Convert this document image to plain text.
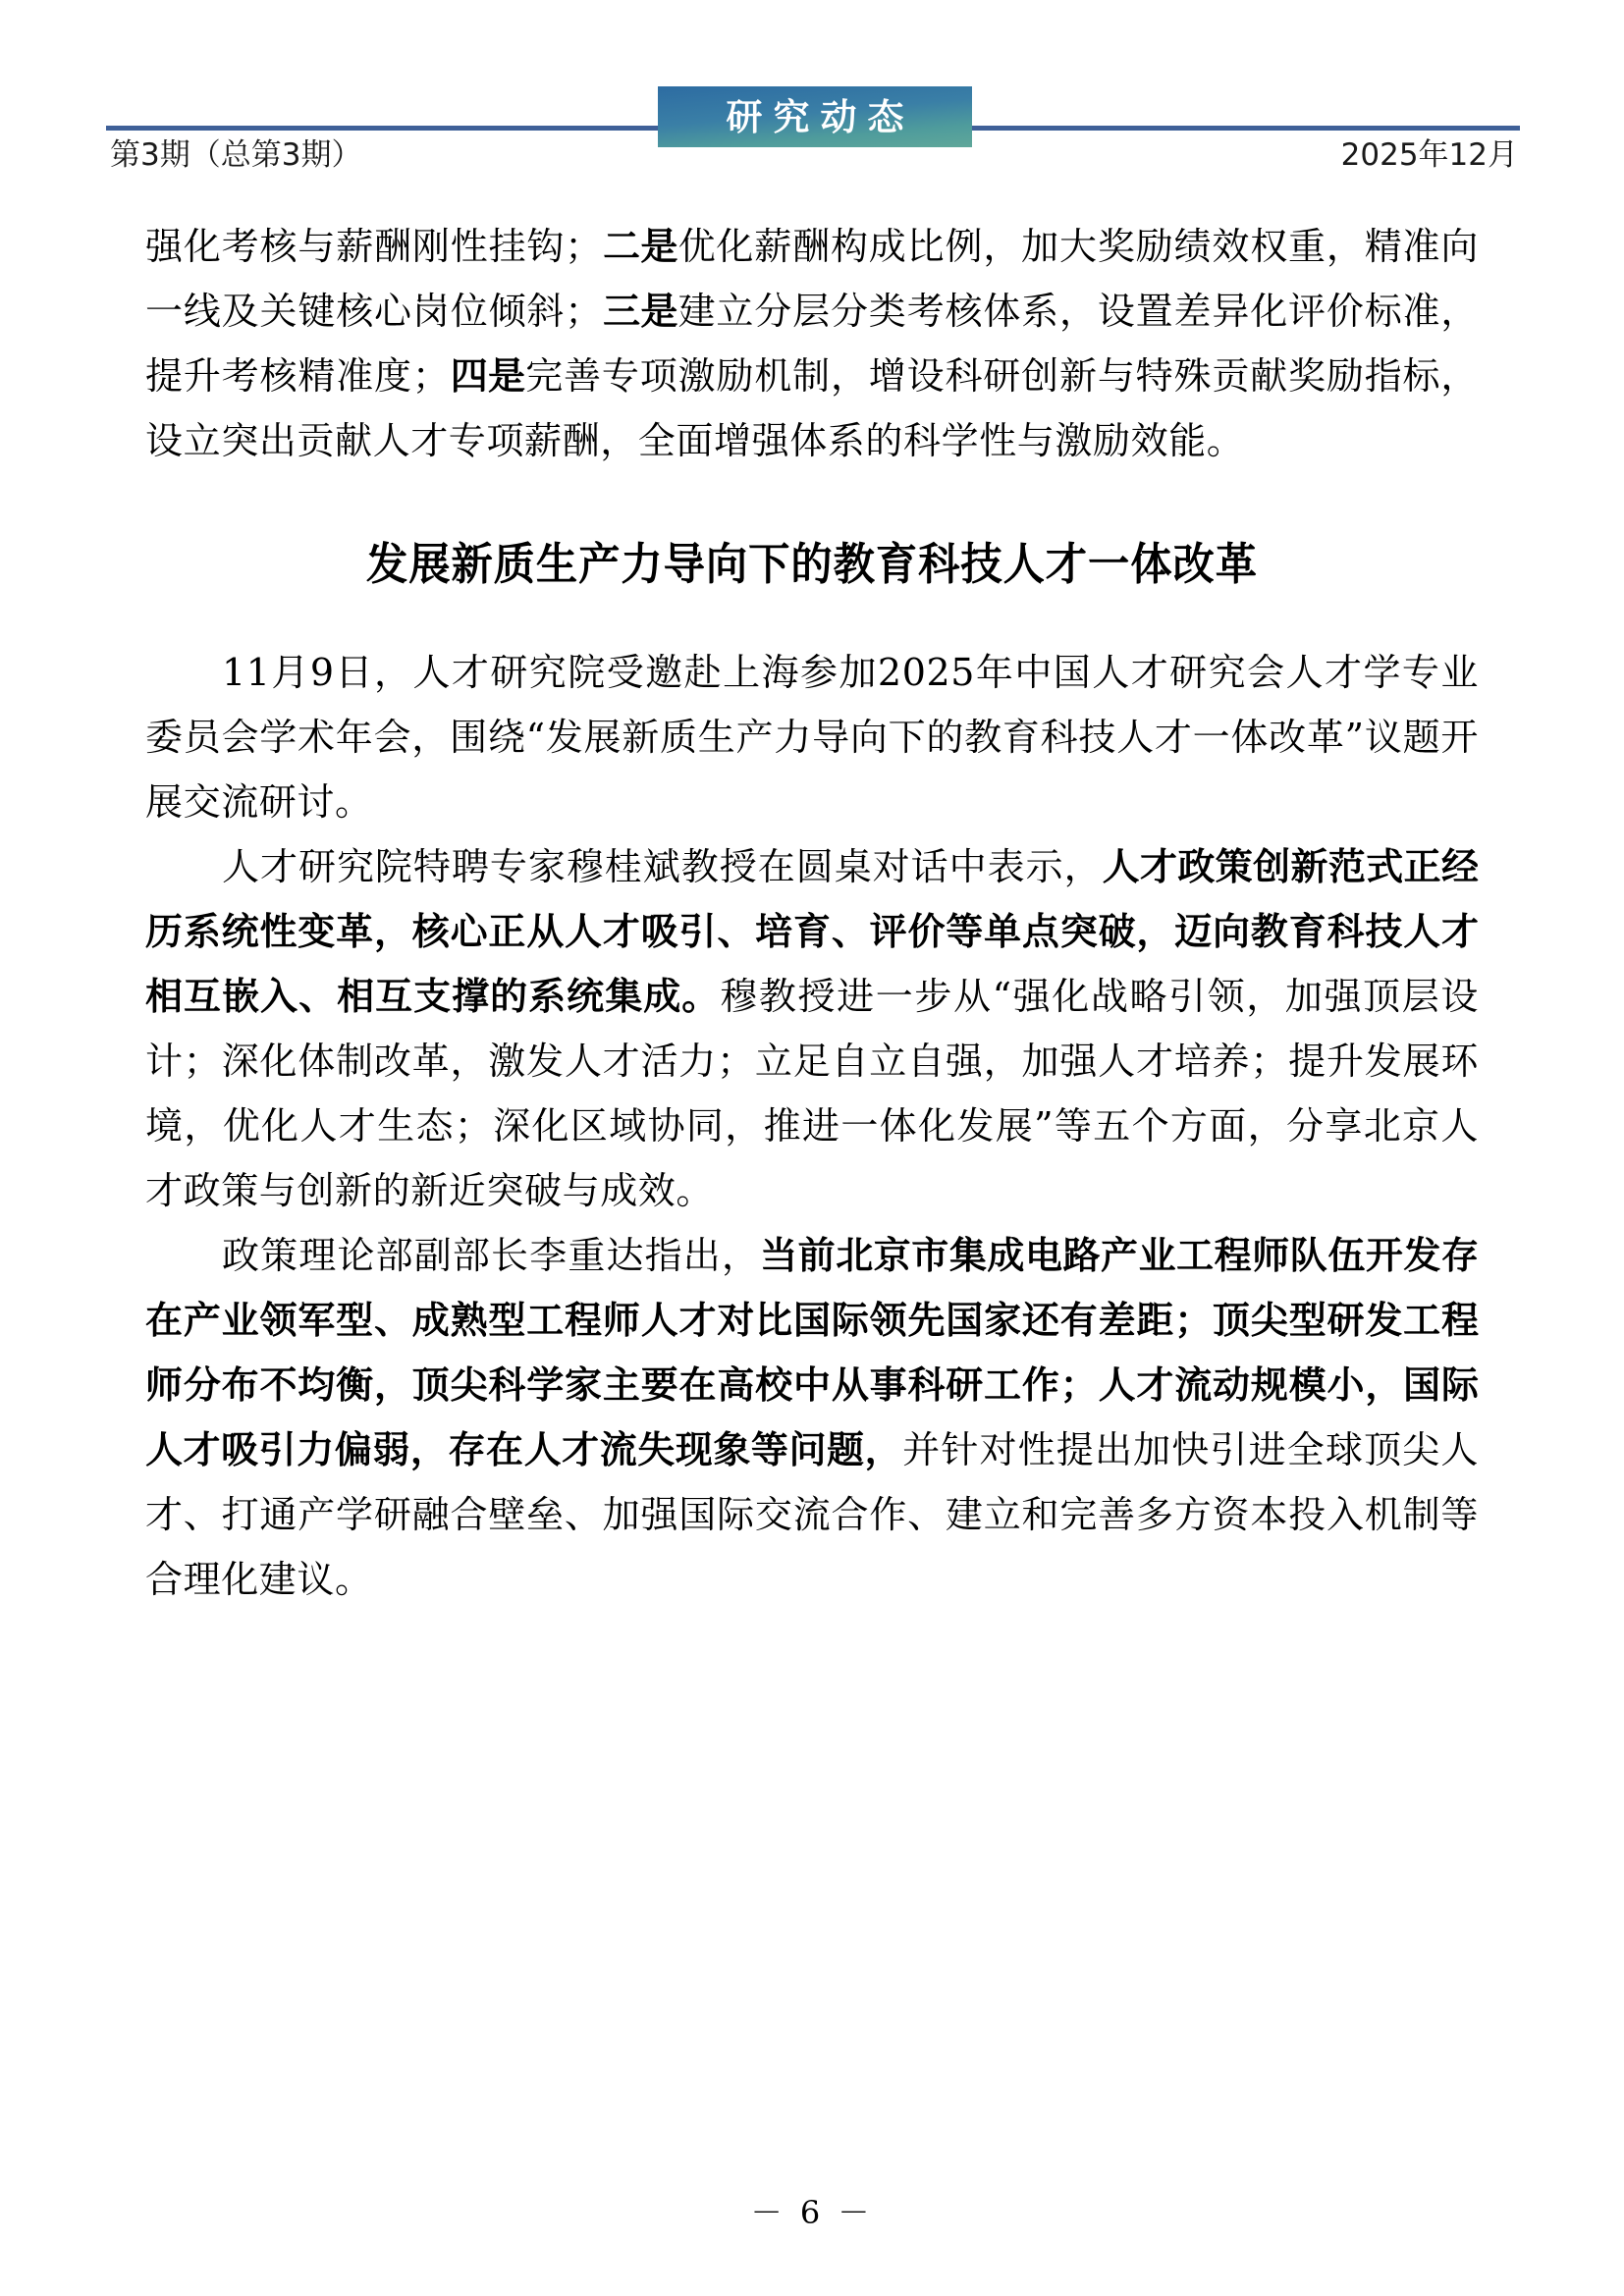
研究动态
第3期（总第3期）	2025年12月

强化考核与薪酬刚性挂钩；二是优化薪酬构成比例，加大奖励绩效权重，精准向一线及关键核心岗位倾斜；三是建立分层分类考核体系，设置差异化评价标准，提升考核精准度；四是完善专项激励机制，增设科研创新与特殊贡献奖励指标，设立突出贡献人才专项薪酬，全面增强体系的科学性与激励效能。

发展新质生产力导向下的教育科技人才一体改革

11月9日，人才研究院受邀赴上海参加2025年中国人才研究会人才学专业委员会学术年会，围绕“发展新质生产力导向下的教育科技人才一体改革”议题开展交流研讨。

人才研究院特聘专家穆桂斌教授在圆桌对话中表示，人才政策创新范式正经历系统性变革，核心正从人才吸引、培育、评价等单点突破，迈向教育科技人才相互嵌入、相互支撑的系统集成。穆教授进一步从“强化战略引领，加强顶层设计；深化体制改革，激发人才活力；立足自立自强，加强人才培养；提升发展环境，优化人才生态；深化区域协同，推进一体化发展”等五个方面，分享北京人才政策与创新的新近突破与成效。

政策理论部副部长李重达指出，当前北京市集成电路产业工程师队伍开发存在产业领军型、成熟型工程师人才对比国际领先国家还有差距；顶尖型研发工程师分布不均衡，顶尖科学家主要在高校中从事科研工作；人才流动规模小，国际人才吸引力偏弱，存在人才流失现象等问题，并针对性提出加快引进全球顶尖人才、打通产学研融合壁垒、加强国际交流合作、建立和完善多方资本投入机制等合理化建议。

－ 6 －
